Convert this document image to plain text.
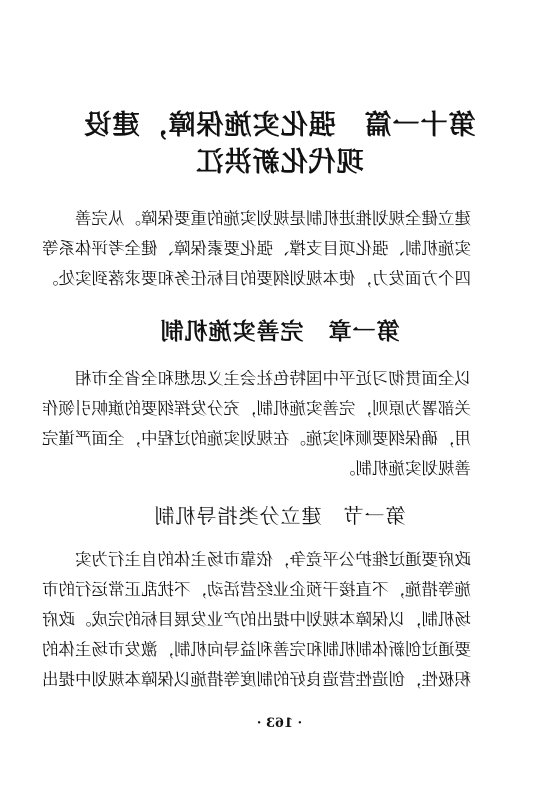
第十一篇　强化实施保障，建设
现代化新洪江
建立健全规划推进机制是规划实施的重要保障。从完善
实施机制、强化项目支撑、强化要素保障、健全考评体系等
四个方面发力，使本规划纲要的目标任务和要求落到实处。
第一章　完善实施机制
以全面贯彻习近平中国特色社会主义思想和全省全市相
关部署为原则，完善实施机制，充分发挥纲要的旗帜引领作
用，确保纲要顺利实施。在规划实施的过程中，全面严谨完
善规划实施机制。
第一节　建立分类指导机制
政府要通过维护公平竞争，依靠市场主体的自主行为实
施等措施，不直接干预企业经营活动，不扰乱正常运行的市
场机制，以保障本规划中提出的产业发展目标的完成。政府
要通过创新体制机制和完善利益导向机制，激发市场主体的
积极性，创造性营造良好的制度等措施以保障本规划中提出
· 163 ·
